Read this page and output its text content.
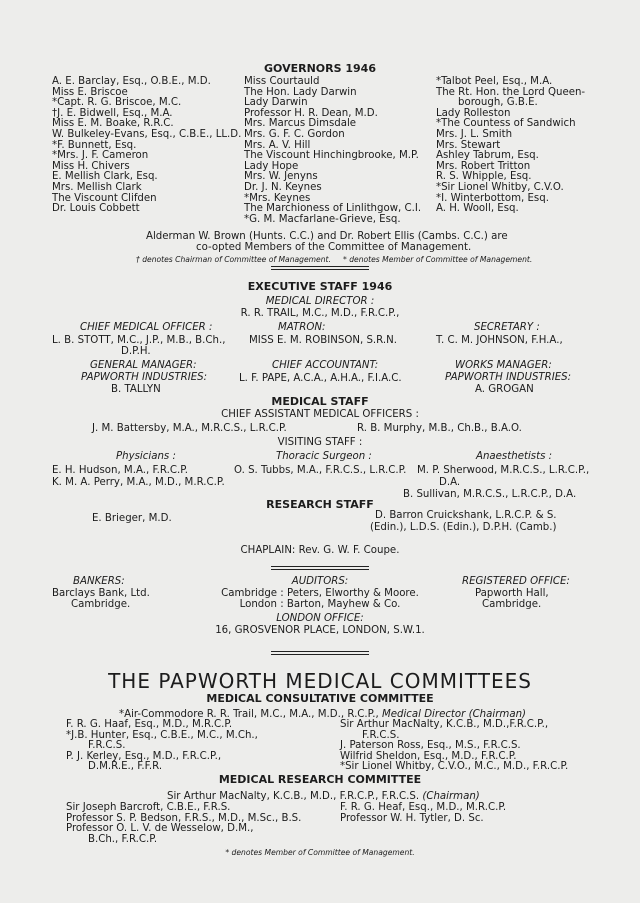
GOVERNORS 1946
A. E. Barclay, Esq., O.B.E., M.D.
Miss E. Briscoe
*Capt. R. G. Briscoe, M.C.
†J. E. Bidwell, Esq., M.A.
Miss E. M. Boake, R.R.C.
W. Bulkeley-Evans, Esq., C.B.E., LL.D.
*F. Bunnett, Esq.
*Mrs. J. F. Cameron
Miss H. Chivers
E. Mellish Clark, Esq.
Mrs. Mellish Clark
The Viscount Clifden
Dr. Louis Cobbett
Miss Courtauld
The Hon. Lady Darwin
Lady Darwin
Professor H. R. Dean, M.D.
Mrs. Marcus Dimsdale
Mrs. G. F. C. Gordon
Mrs. A. V. Hill
The Viscount Hinchingbrooke, M.P.
Lady Hope
Mrs. W. Jenyns
Dr. J. N. Keynes
*Mrs. Keynes
The Marchioness of Linlithgow, C.I.
*G. M. Macfarlane-Grieve, Esq.
*Talbot Peel, Esq., M.A.
The Rt. Hon. the Lord Queen-
borough, G.B.E.
Lady Rolleston
*The Countess of Sandwich
Mrs. J. L. Smith
Mrs. Stewart
Ashley Tabrum, Esq.
Mrs. Robert Tritton
R. S. Whipple, Esq.
*Sir Lionel Whitby, C.V.O.
*I. Winterbottom, Esq.
A. H. Wooll, Esq.
Alderman W. Brown (Hunts. C.C.) and Dr. Robert Ellis (Cambs. C.C.) are
co-opted Members of the Committee of Management.
† denotes Chairman of Committee of Management. * denotes Member of Committee of Management.
EXECUTIVE STAFF 1946
MEDICAL DIRECTOR :
R. R. TRAIL, M.C., M.D., F.R.C.P.,
CHIEF MEDICAL OFFICER :
L. B. STOTT, M.C., J.P., M.B., B.Ch.,
D.P.H.
MATRON:
MISS E. M. ROBINSON, S.R.N.
SECRETARY :
T. C. M. JOHNSON, F.H.A.,
GENERAL MANAGER:
PAPWORTH INDUSTRIES:
B. TALLYN
CHIEF ACCOUNTANT:
L. F. PAPE, A.C.A., A.H.A., F.I.A.C.
WORKS MANAGER:
PAPWORTH INDUSTRIES:
A. GROGAN
MEDICAL STAFF
CHIEF ASSISTANT MEDICAL OFFICERS :
J. M. Battersby, M.A., M.R.C.S., L.R.C.P.	R. B. Murphy, M.B., Ch.B., B.A.O.
VISITING STAFF :
Physicians :
E. H. Hudson, M.A., F.R.C.P.
K. M. A. Perry, M.A., M.D., M.R.C.P.
Thoracic Surgeon :
O. S. Tubbs, M.A., F.R.C.S., L.R.C.P.
Anaesthetists :
M. P. Sherwood, M.R.C.S., L.R.C.P.,
D.A.
B. Sullivan, M.R.C.S., L.R.C.P., D.A.
RESEARCH STAFF
E. Brieger, M.D.	D. Barron Cruickshank, L.R.C.P. & S.
(Edin.), L.D.S. (Edin.), D.P.H. (Camb.)
CHAPLAIN: Rev. G. W. F. Coupe.
BANKERS:
Barclays Bank, Ltd.
Cambridge.
AUDITORS:
Cambridge : Peters, Elworthy & Moore.
London : Barton, Mayhew & Co.
LONDON OFFICE:
16, GROSVENOR PLACE, LONDON, S.W.1.
REGISTERED OFFICE:
Papworth Hall,
Cambridge.
THE PAPWORTH MEDICAL COMMITTEES
MEDICAL CONSULTATIVE COMMITTEE
*Air-Commodore R. R. Trail, M.C., M.A., M.D., R.C.P., Medical Director (Chairman)
F. R. G. Haaf, Esq., M.D., M.R.C.P.
*J.B. Hunter, Esq., C.B.E., M.C., M.Ch.,
F.R.C.S.
P. J. Kerley, Esq., M.D., F.R.C.P.,
D.M.R.E., F.F.R.
Sir Arthur MacNalty, K.C.B., M.D.,F.R.C.P.,
F.R.C.S.
J. Paterson Ross, Esq., M.S., F.R.C.S.
Wilfrid Sheldon, Esq., M.D., F.R.C.P.
*Sir Lionel Whitby, C.V.O., M.C., M.D., F.R.C.P.
MEDICAL RESEARCH COMMITTEE
Sir Arthur MacNalty, K.C.B., M.D., F.R.C.P., F.R.C.S. (Chairman)
Sir Joseph Barcroft, C.B.E., F.R.S.
Professor S. P. Bedson, F.R.S., M.D., M.Sc., B.S.
Professor O. L. V. de Wesselow, D.M.,
B.Ch., F.R.C.P.
F. R. G. Heaf, Esq., M.D., M.R.C.P.
Professor W. H. Tytler, D. Sc.
* denotes Member of Committee of Management.
